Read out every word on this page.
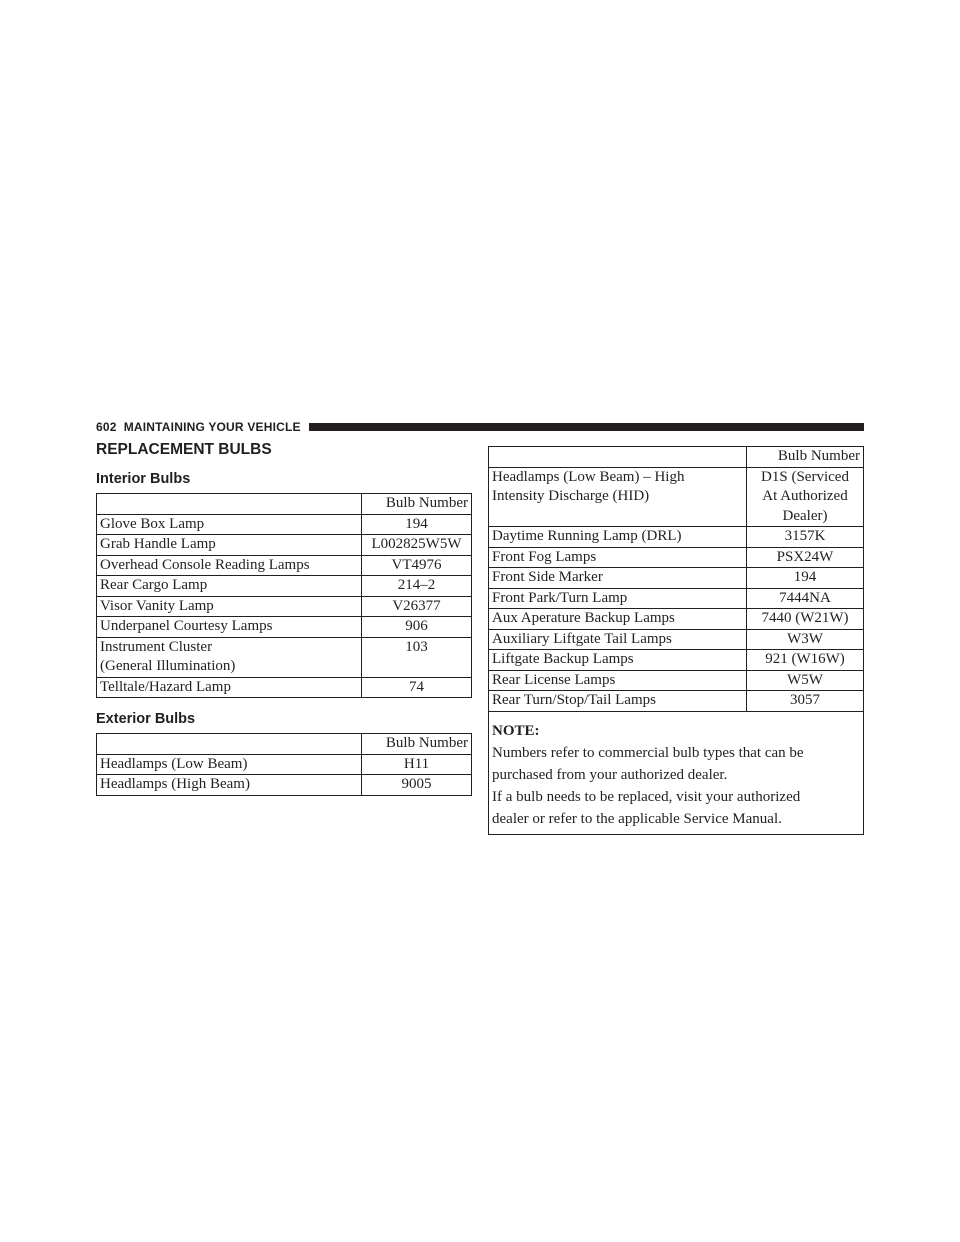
602 MAINTAINING YOUR VEHICLE
REPLACEMENT BULBS
Interior Bulbs
	Bulb Number
Glove Box Lamp	194
Grab Handle Lamp	L002825W5W
Overhead Console Reading Lamps	VT4976
Rear Cargo Lamp	214–2
Visor Vanity Lamp	V26377
Underpanel Courtesy Lamps	906
Instrument Cluster
(General Illumination)	103
Telltale/Hazard Lamp	74
Exterior Bulbs
	Bulb Number
Headlamps (Low Beam)	H11
Headlamps (High Beam)	9005
	Bulb Number
Headlamps (Low Beam) – High
Intensity Discharge (HID)	D1S (Serviced
At Authorized
Dealer)
Daytime Running Lamp (DRL)	3157K
Front Fog Lamps	PSX24W
Front Side Marker	194
Front Park/Turn Lamp	7444NA
Aux Aperature Backup Lamps	7440 (W21W)
Auxiliary Liftgate Tail Lamps	W3W
Liftgate Backup Lamps	921 (W16W)
Rear License Lamps	W5W
Rear Turn/Stop/Tail Lamps	3057

NOTE:
Numbers refer to commercial bulb types that can be
purchased from your authorized dealer.
If a bulb needs to be replaced, visit your authorized
dealer or refer to the applicable Service Manual.	
